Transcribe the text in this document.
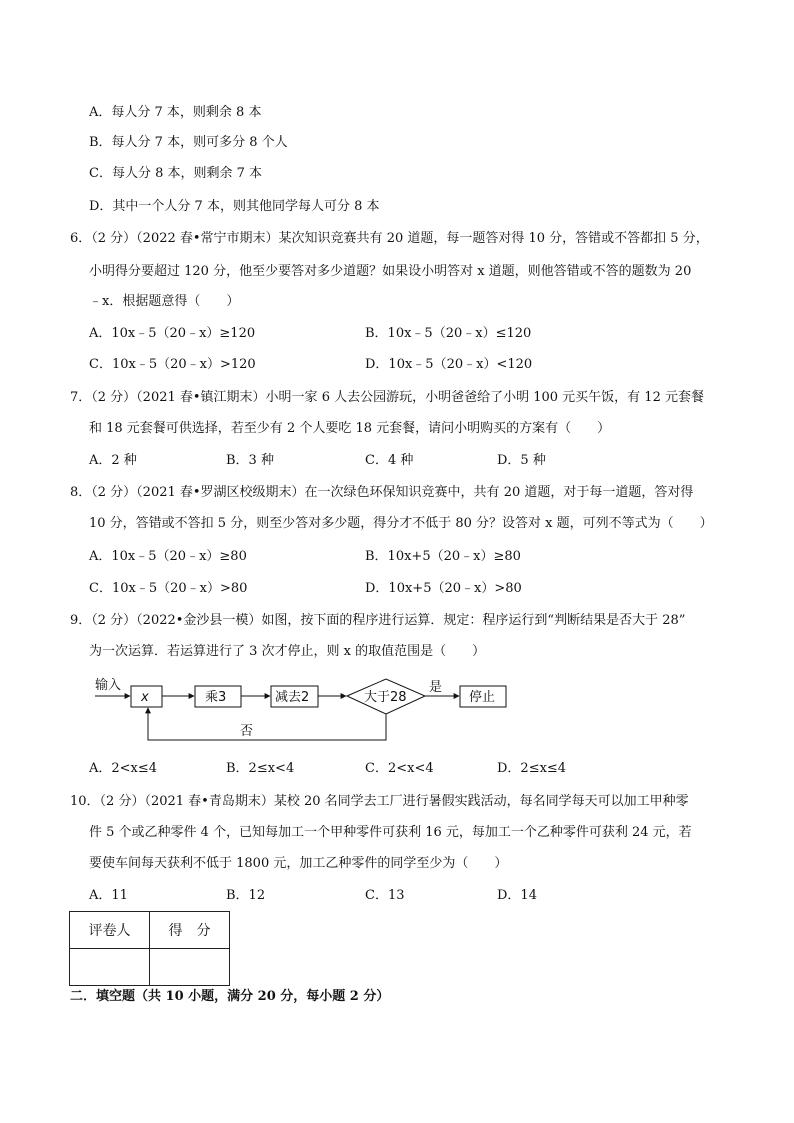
A．每人分 7 本，则剩余 8 本
B．每人分 7 本，则可多分 8 个人
C．每人分 8 本，则剩余 7 本
D．其中一个人分 7 本，则其他同学每人可分 8 本
6．（2 分）（2022 春•常宁市期末）某次知识竞赛共有 20 道题，每一题答对得 10 分，答错或不答都扣 5 分，
小明得分要超过 120 分，他至少要答对多少道题？如果设小明答对 x 道题，则他答错或不答的题数为 20
﹣x．根据题意得（　　）
A．10x﹣5（20﹣x）≥120	B．10x﹣5（20﹣x）≤120
C．10x﹣5（20﹣x）>120	D．10x﹣5（20﹣x）<120
7．（2 分）（2021 春•镇江期末）小明一家 6 人去公园游玩，小明爸爸给了小明 100 元买午饭，有 12 元套餐
和 18 元套餐可供选择，若至少有 2 个人要吃 18 元套餐，请问小明购买的方案有（　　）
A．2 种	B．3 种	C．4 种	D．5 种
8．（2 分）（2021 春•罗湖区校级期末）在一次绿色环保知识竞赛中，共有 20 道题，对于每一道题，答对得
10 分，答错或不答扣 5 分，则至少答对多少题，得分才不低于 80 分？设答对 x 题，可列不等式为（　　）
A．10x﹣5（20﹣x）≥80	B．10x+5（20﹣x）≥80
C．10x﹣5（20﹣x）>80	D．10x+5（20﹣x）>80
9．（2 分）（2022•金沙县一模）如图，按下面的程序进行运算．规定：程序运行到“判断结果是否大于 28”
为一次运算．若运算进行了 3 次才停止，则 x 的取值范围是（　　）
输入
x	乘3	减去2	大于28
是
停止
否
A．2<x≤4	B．2≤x<4	C．2<x<4	D．2≤x≤4
10．（2 分）（2021 春•青岛期末）某校 20 名同学去工厂进行暑假实践活动，每名同学每天可以加工甲种零
件 5 个或乙种零件 4 个，已知每加工一个甲种零件可获利 16 元，每加工一个乙种零件可获利 24 元，若
要使车间每天获利不低于 1800 元，加工乙种零件的同学至少为（　　）
A．11	B．12	C．13	D．14
评卷人	得　分

二．填空题（共 10 小题，满分 20 分，每小题 2 分）
